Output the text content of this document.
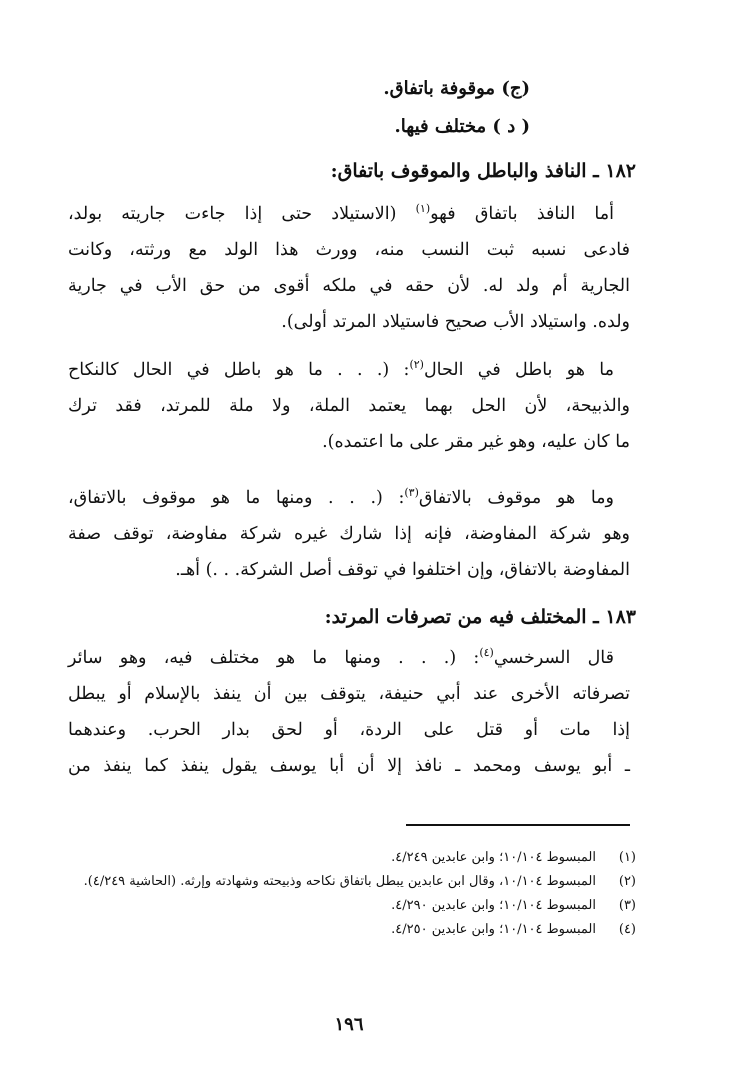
(ج) موقوفة باتفاق.
( د ) مختلف فيها.
١٨٢ ـ النافذ والباطل والموقوف باتفاق:
أما النافذ باتفاق فهو$^{(١)}$ (الاستيلاد حتى إذا جاءت جاريته بولد،
فادعى نسبه ثبت النسب منه، وورث هذا الولد مع ورثته، وكانت
الجارية أم ولد له. لأن حقه في ملكه أقوى من حق الأب في جارية
ولده. واستيلاد الأب صحيح فاستيلاد المرتد أولى).
ما هو باطل في الحال$^{(٢)}$: (. . . ما هو باطل في الحال كالنكاح
والذبيحة، لأن الحل بهما يعتمد الملة، ولا ملة للمرتد، فقد ترك
ما كان عليه، وهو غير مقر على ما اعتمده).
وما هو موقوف بالاتفاق$^{(٣)}$: (. . . ومنها ما هو موقوف بالاتفاق،
وهو شركة المفاوضة، فإنه إذا شارك غيره شركة مفاوضة، توقف صفة
المفاوضة بالاتفاق، وإن اختلفوا في توقف أصل الشركة. . .) أهـ.
١٨٣ ـ المختلف فيه من تصرفات المرتد:
قال السرخسي$^{(٤)}$: (. . . ومنها ما هو مختلف فيه، وهو سائر
تصرفاته الأخرى عند أبي حنيفة، يتوقف بين أن ينفذ بالإسلام أو يبطل
إذا مات أو قتل على الردة، أو لحق بدار الحرب. وعندهما
ـ أبو يوسف ومحمد ـ نافذ إلا أن أبا يوسف يقول ينفذ كما ينفذ من
(١)
المبسوط ١٠/١٠٤؛ وابن عابدين ٤/٢٤٩.
(٢)
المبسوط ١٠/١٠٤، وقال ابن عابدين يبطل باتفاق نكاحه وذبيحته وشهادته وإرثه. (الحاشية ٤/٢٤٩).
(٣)
المبسوط ١٠/١٠٤؛ وابن عابدين ٤/٢٩٠.
(٤)
المبسوط ١٠/١٠٤؛ وابن عابدين ٤/٢٥٠.
١٩٦
